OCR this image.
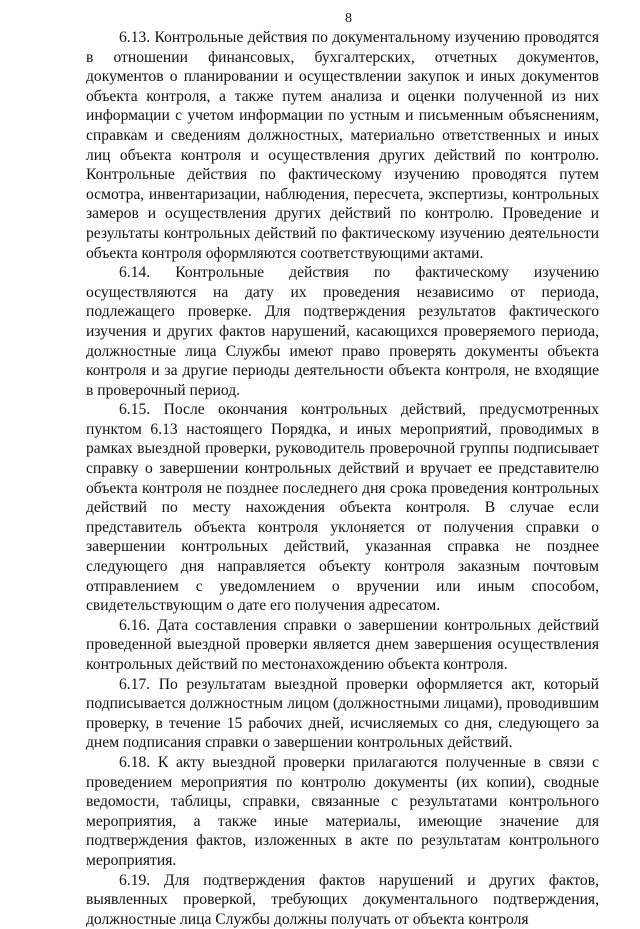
8

6.13. Контрольные действия по документальному изучению проводятся в отношении финансовых, бухгалтерских, отчетных документов, документов о планировании и осуществлении закупок и иных документов объекта контроля, а также путем анализа и оценки полученной из них информации с учетом информации по устным и письменным объяснениям, справкам и сведениям должностных, материально ответственных и иных лиц объекта контроля и осуществления других действий по контролю. Контрольные действия по фактическому изучению проводятся путем осмотра, инвентаризации, наблюдения, пересчета, экспертизы, контрольных замеров и осуществления других действий по контролю. Проведение и результаты контрольных действий по фактическому изучению деятельности объекта контроля оформляются соответствующими актами.

6.14. Контрольные действия по фактическому изучению осуществляются на дату их проведения независимо от периода, подлежащего проверке. Для подтверждения результатов фактического изучения и других фактов нарушений, касающихся проверяемого периода, должностные лица Службы имеют право проверять документы объекта контроля и за другие периоды деятельности объекта контроля, не входящие в проверочный период.

6.15. После окончания контрольных действий, предусмотренных пунктом 6.13 настоящего Порядка, и иных мероприятий, проводимых в рамках выездной проверки, руководитель проверочной группы подписывает справку о завершении контрольных действий и вручает ее представителю объекта контроля не позднее последнего дня срока проведения контрольных действий по месту нахождения объекта контроля. В случае если представитель объекта контроля уклоняется от получения справки о завершении контрольных действий, указанная справка не позднее следующего дня направляется объекту контроля заказным почтовым отправлением с уведомлением о вручении или иным способом, свидетельствующим о дате его получения адресатом.

6.16. Дата составления справки о завершении контрольных действий проведенной выездной проверки является днем завершения осуществления контрольных действий по местонахождению объекта контроля.

6.17. По результатам выездной проверки оформляется акт, который подписывается должностным лицом (должностными лицами), проводившим проверку, в течение 15 рабочих дней, исчисляемых со дня, следующего за днем подписания справки о завершении контрольных действий.

6.18. К акту выездной проверки прилагаются полученные в связи с проведением мероприятия по контролю документы (их копии), сводные ведомости, таблицы, справки, связанные с результатами контрольного мероприятия, а также иные материалы, имеющие значение для подтверждения фактов, изложенных в акте по результатам контрольного мероприятия.

6.19. Для подтверждения фактов нарушений и других фактов, выявленных проверкой, требующих документального подтверждения, должностные лица Службы должны получать от объекта контроля
